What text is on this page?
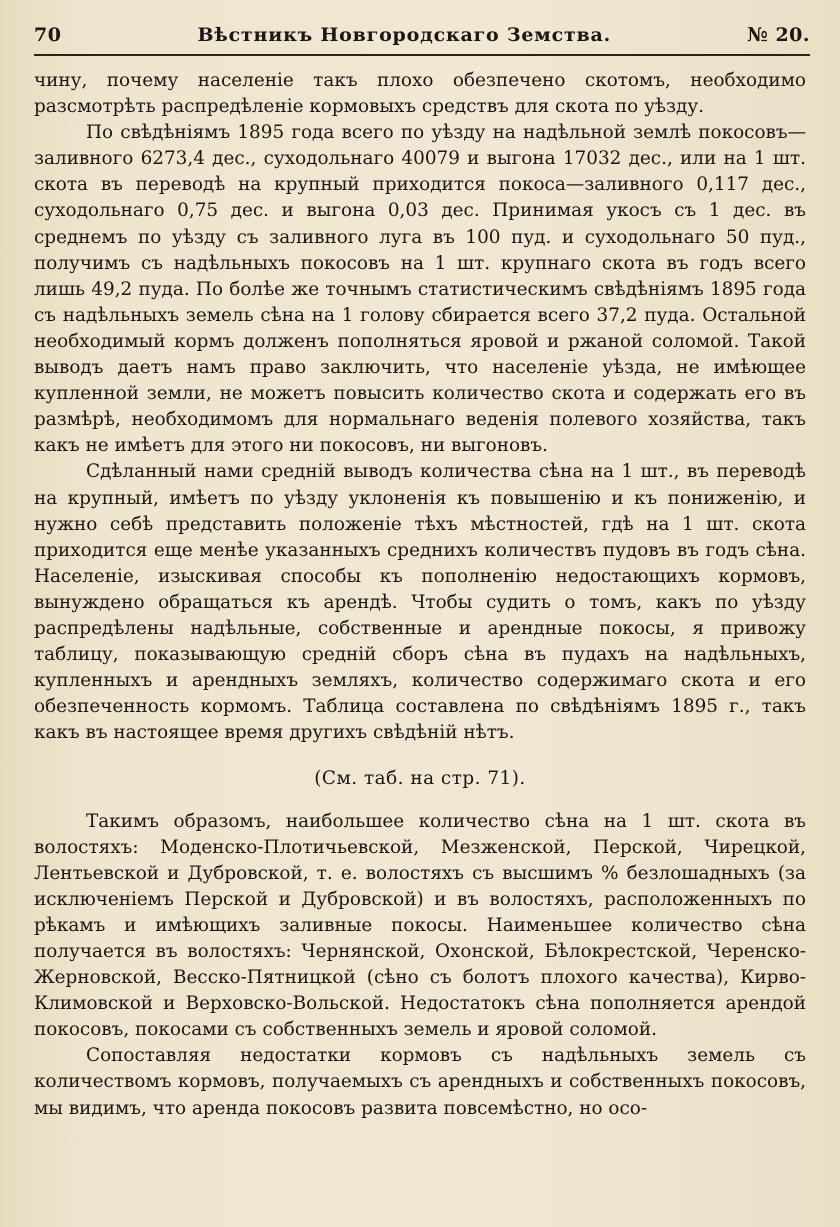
70	Вѣстникъ Новгородскаго Земства.	№ 20.

чину, почему населеніе такъ плохо обезпечено скотомъ, необходимо разсмотрѣть распредѣленіе кормовыхъ средствъ для скота по уѣзду.

По свѣдѣніямъ 1895 года всего по уѣзду на надѣльной землѣ покосовъ—заливного 6273,4 дес., суходольнаго 40079 и выгона 17032 дес., или на 1 шт. скота въ переводѣ на крупный приходится покоса—заливного 0,117 дес., суходольнаго 0,75 дес. и выгона 0,03 дес. Принимая укосъ съ 1 дес. въ среднемъ по уѣзду съ заливного луга въ 100 пуд. и суходольнаго 50 пуд., получимъ съ надѣльныхъ покосовъ на 1 шт. крупнаго скота въ годъ всего лишь 49,2 пуда. По болѣе же точнымъ статистическимъ свѣдѣніямъ 1895 года съ надѣльныхъ земель сѣна на 1 голову сбирается всего 37,2 пуда. Остальной необходимый кормъ долженъ пополняться яровой и ржаной соломой. Такой выводъ даетъ намъ право заключить, что населеніе уѣзда, не имѣющее купленной земли, не можетъ повысить количество скота и содержать его въ размѣрѣ, необходимомъ для нормальнаго веденія полевого хозяйства, такъ какъ не имѣетъ для этого ни покосовъ, ни выгоновъ.

Сдѣланный нами среднiй выводъ количества сѣна на 1 шт., въ переводѣ на крупный, имѣетъ по уѣзду уклоненія къ повышенію и къ пониженію, и нужно себѣ представить положеніе тѣхъ мѣстностей, гдѣ на 1 шт. скота приходится еще менѣе указанныхъ среднихъ количествъ пудовъ въ годъ сѣна. Населеніе, изыскивая способы къ пополненію недостающихъ кормовъ, вынуждено обращаться къ арендѣ. Чтобы судить о томъ, какъ по уѣзду распредѣлены надѣльные, собственные и арендные покосы, я привожу таблицу, показывающую среднiй сборъ сѣна въ пудахъ на надѣльныхъ, купленныхъ и арендныхъ земляхъ, количество содержимаго скота и его обезпеченность кормомъ. Таблица составлена по свѣдѣніямъ 1895 г., такъ какъ въ настоящее время другихъ свѣдѣній нѣтъ.

(См. таб. на стр. 71).

Такимъ образомъ, наибольшее количество сѣна на 1 шт. скота въ волостяхъ: Моденско-Плотичьевской, Мезженской, Перской, Чирецкой, Лентьевской и Дубровской, т. е. волостяхъ съ высшимъ % безлошадныхъ (за исключеніемъ Перской и Дубровской) и въ волостяхъ, расположенныхъ по рѣкамъ и имѣющихъ заливные покосы. Наименьшее количество сѣна получается въ волостяхъ: Чернянской, Охонской, Бѣлокрестской, Черенско-Жерновской, Весско-Пятницкой (сѣно съ болотъ плохого качества), Кирво-Климовской и Верховско-Вольской. Недостатокъ сѣна пополняется арендой покосовъ, покосами съ собственныхъ земель и яровой соломой.

Сопоставляя недостатки кормовъ съ надѣльныхъ земель съ количествомъ кормовъ, получаемыхъ съ арендныхъ и собственныхъ покосовъ, мы видимъ, что аренда покосовъ развита повсемѣстно, но осо-
